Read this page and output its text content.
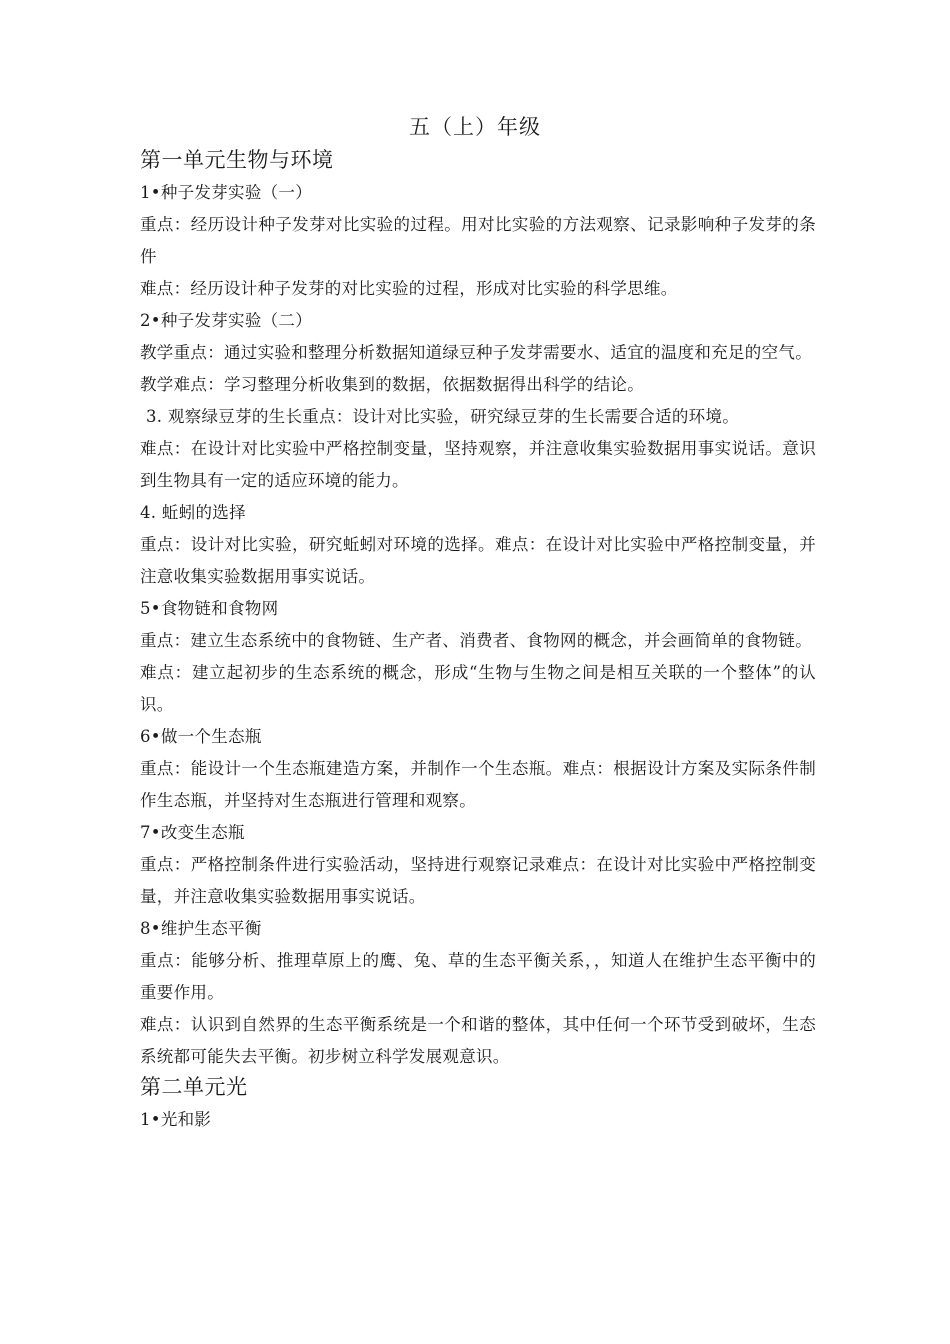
五（上）年级
第一单元生物与环境

1•种子发芽实验（一）

重点：经历设计种子发芽对比实验的过程。用对比实验的方法观察、记录影响种子发芽的条件

难点：经历设计种子发芽的对比实验的过程，形成对比实验的科学思维。

2•种子发芽实验（二）

教学重点：通过实验和整理分析数据知道绿豆种子发芽需要水、适宜的温度和充足的空气。

教学难点：学习整理分析收集到的数据，依据数据得出科学的结论。

3. 观察绿豆芽的生长重点：设计对比实验，研究绿豆芽的生长需要合适的环境。

难点：在设计对比实验中严格控制变量，坚持观察，并注意收集实验数据用事实说话。意识到生物具有一定的适应环境的能力。

4. 蚯蚓的选择

重点：设计对比实验，研究蚯蚓对环境的选择。难点：在设计对比实验中严格控制变量，并注意收集实验数据用事实说话。

5•食物链和食物网

重点：建立生态系统中的食物链、生产者、消费者、食物网的概念，并会画简单的食物链。

难点：建立起初步的生态系统的概念，形成“生物与生物之间是相互关联的一个整体”的认识。

6•做一个生态瓶

重点：能设计一个生态瓶建造方案，并制作一个生态瓶。难点：根据设计方案及实际条件制作生态瓶，并坚持对生态瓶进行管理和观察。

7•改变生态瓶

重点：严格控制条件进行实验活动，坚持进行观察记录难点：在设计对比实验中严格控制变量，并注意收集实验数据用事实说话。

8•维护生态平衡

重点：能够分析、推理草原上的鹰、兔、草的生态平衡关系，，知道人在维护生态平衡中的重要作用。

难点：认识到自然界的生态平衡系统是一个和谐的整体，其中任何一个环节受到破坏，生态系统都可能失去平衡。初步树立科学发展观意识。

第二单元光

1•光和影
